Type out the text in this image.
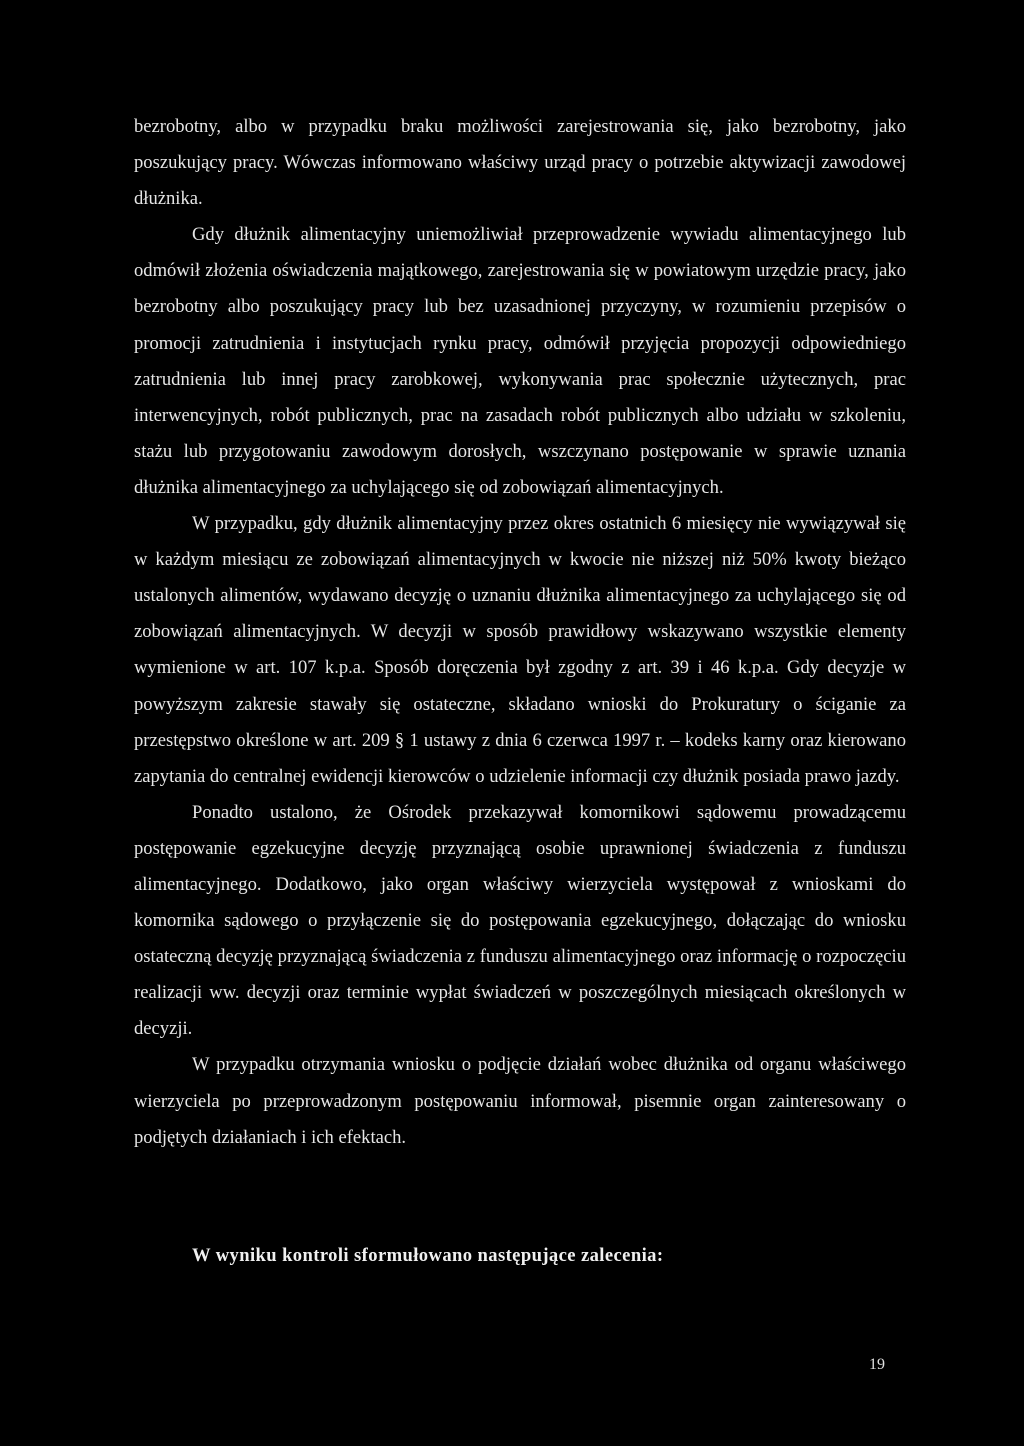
bezrobotny, albo w przypadku braku możliwości zarejestrowania się, jako bezrobotny, jako poszukujący pracy. Wówczas informowano właściwy urząd pracy o potrzebie aktywizacji zawodowej dłużnika.

Gdy dłużnik alimentacyjny uniemożliwiał przeprowadzenie wywiadu alimentacyjnego lub odmówił złożenia oświadczenia majątkowego, zarejestrowania się w powiatowym urzędzie pracy, jako bezrobotny albo poszukujący pracy lub bez uzasadnionej przyczyny, w rozumieniu przepisów o promocji zatrudnienia i instytucjach rynku pracy, odmówił przyjęcia propozycji odpowiedniego zatrudnienia lub innej pracy zarobkowej, wykonywania prac społecznie użytecznych, prac interwencyjnych, robót publicznych, prac na zasadach robót publicznych albo udziału w szkoleniu, stażu lub przygotowaniu zawodowym dorosłych, wszczynano postępowanie w sprawie uznania dłużnika alimentacyjnego za uchylającego się od zobowiązań alimentacyjnych.

W przypadku, gdy dłużnik alimentacyjny przez okres ostatnich 6 miesięcy nie wywiązywał się w każdym miesiącu ze zobowiązań alimentacyjnych w kwocie nie niższej niż 50% kwoty bieżąco ustalonych alimentów, wydawano decyzję o uznaniu dłużnika alimentacyjnego za uchylającego się od zobowiązań alimentacyjnych. W decyzji w sposób prawidłowy wskazywano wszystkie elementy wymienione w art. 107 k.p.a. Sposób doręczenia był zgodny z art. 39 i 46 k.p.a. Gdy decyzje w powyższym zakresie stawały się ostateczne, składano wnioski do Prokuratury o ściganie za przestępstwo określone w art. 209 § 1 ustawy z dnia 6 czerwca 1997 r. – kodeks karny oraz kierowano zapytania do centralnej ewidencji kierowców o udzielenie informacji czy dłużnik posiada prawo jazdy.

Ponadto ustalono, że Ośrodek przekazywał komornikowi sądowemu prowadzącemu postępowanie egzekucyjne decyzję przyznającą osobie uprawnionej świadczenia z funduszu alimentacyjnego. Dodatkowo, jako organ właściwy wierzyciela występował z wnioskami do komornika sądowego o przyłączenie się do postępowania egzekucyjnego, dołączając do wniosku ostateczną decyzję przyznającą świadczenia z funduszu alimentacyjnego oraz informację o rozpoczęciu realizacji ww. decyzji oraz terminie wypłat świadczeń w poszczególnych miesiącach określonych w decyzji.

W przypadku otrzymania wniosku o podjęcie działań wobec dłużnika od organu właściwego wierzyciela po przeprowadzonym postępowaniu informował, pisemnie organ zainteresowany o podjętych działaniach i ich efektach.

W wyniku kontroli sformułowano następujące zalecenia:
19
